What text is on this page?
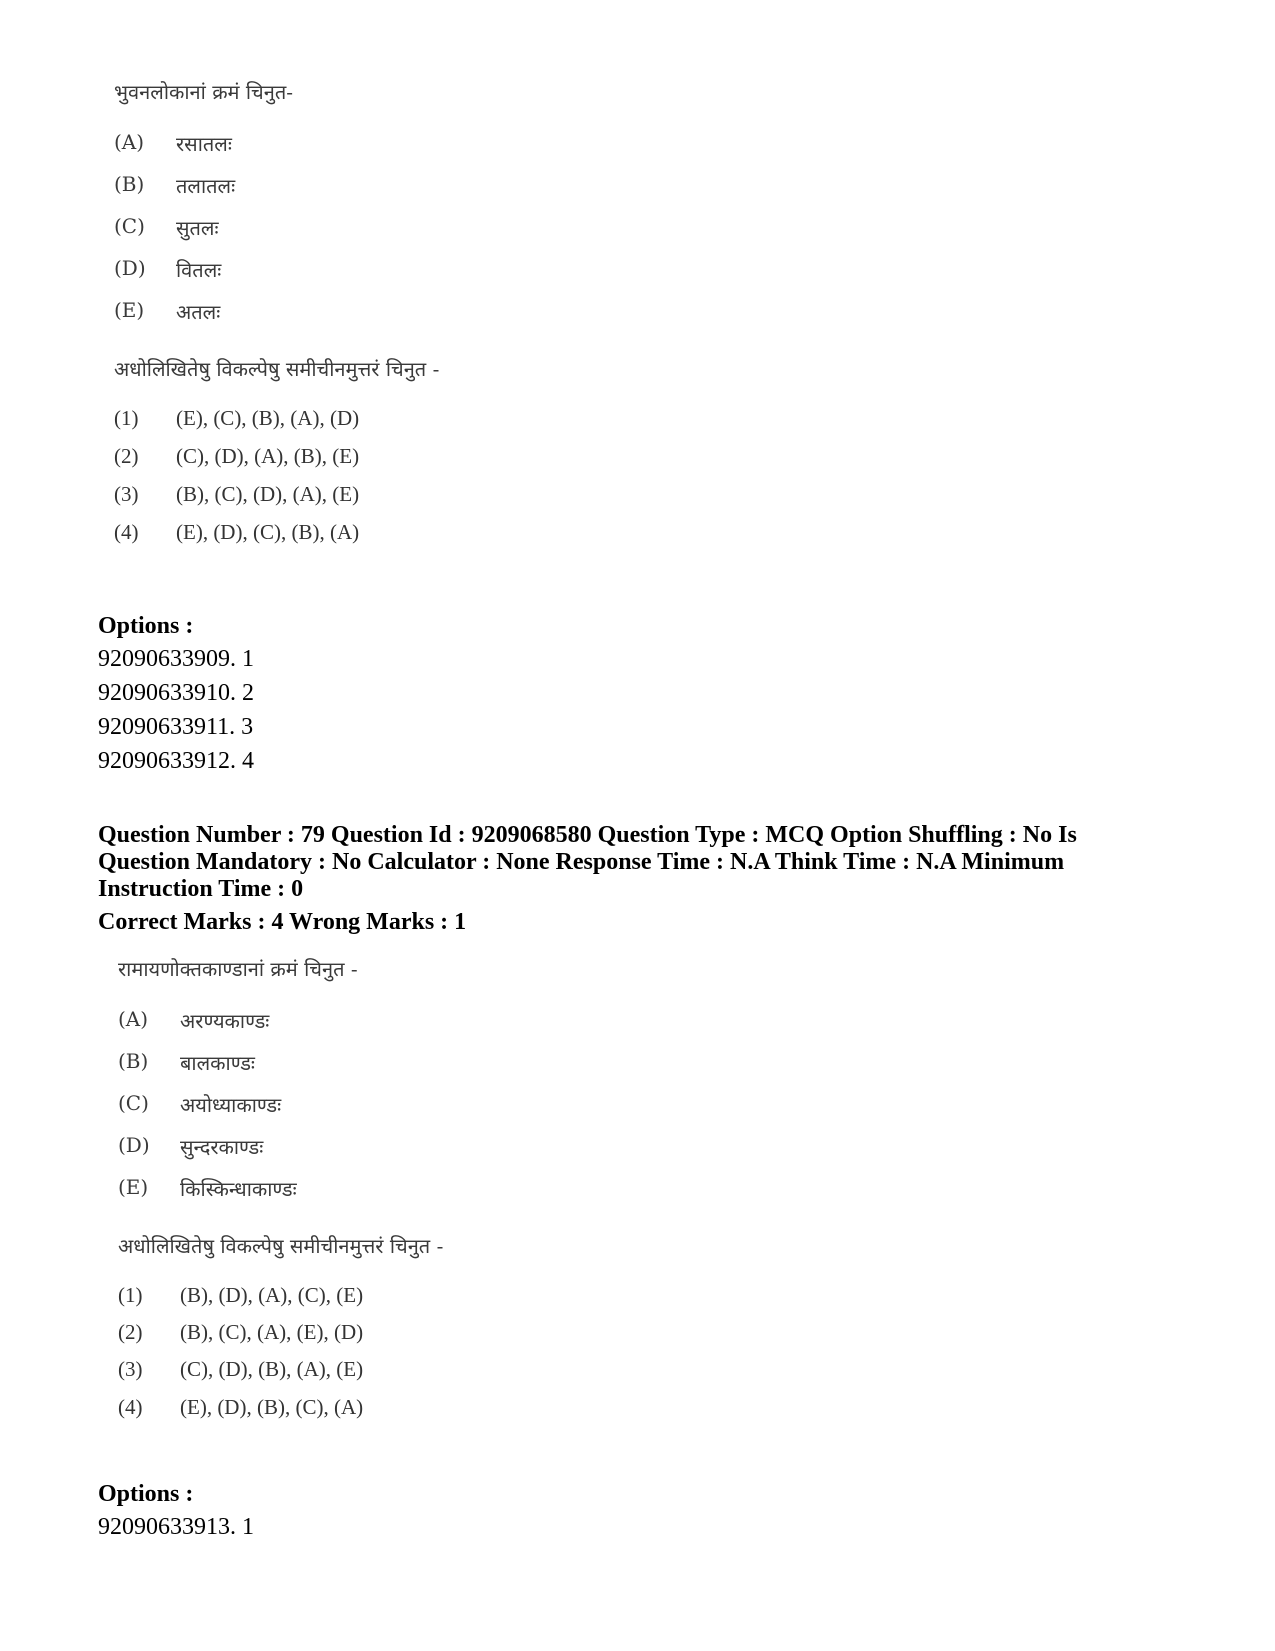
भुवनलोकानां क्रमं चिनुत-
(A) रसातलः
(B) तलातलः
(C) सुतलः
(D) वितलः
(E) अतलः
अधोलिखितेषु विकल्पेषु समीचीनमुत्तरं चिनुत -
(1) (E), (C), (B), (A), (D)
(2) (C), (D), (A), (B), (E)
(3) (B), (C), (D), (A), (E)
(4) (E), (D), (C), (B), (A)
Options :
92090633909. 1
92090633910. 2
92090633911. 3
92090633912. 4
Question Number : 79 Question Id : 9209068580 Question Type : MCQ Option Shuffling : No Is
Question Mandatory : No Calculator : None Response Time : N.A Think Time : N.A Minimum
Instruction Time : 0
Correct Marks : 4 Wrong Marks : 1
रामायणोक्तकाण्डानां क्रमं चिनुत -
(A) अरण्यकाण्डः
(B) बालकाण्डः
(C) अयोध्याकाण्डः
(D) सुन्दरकाण्डः
(E) किस्किन्धाकाण्डः
अधोलिखितेषु विकल्पेषु समीचीनमुत्तरं चिनुत -
(1) (B), (D), (A), (C), (E)
(2) (B), (C), (A), (E), (D)
(3) (C), (D), (B), (A), (E)
(4) (E), (D), (B), (C), (A)
Options :
92090633913. 1
